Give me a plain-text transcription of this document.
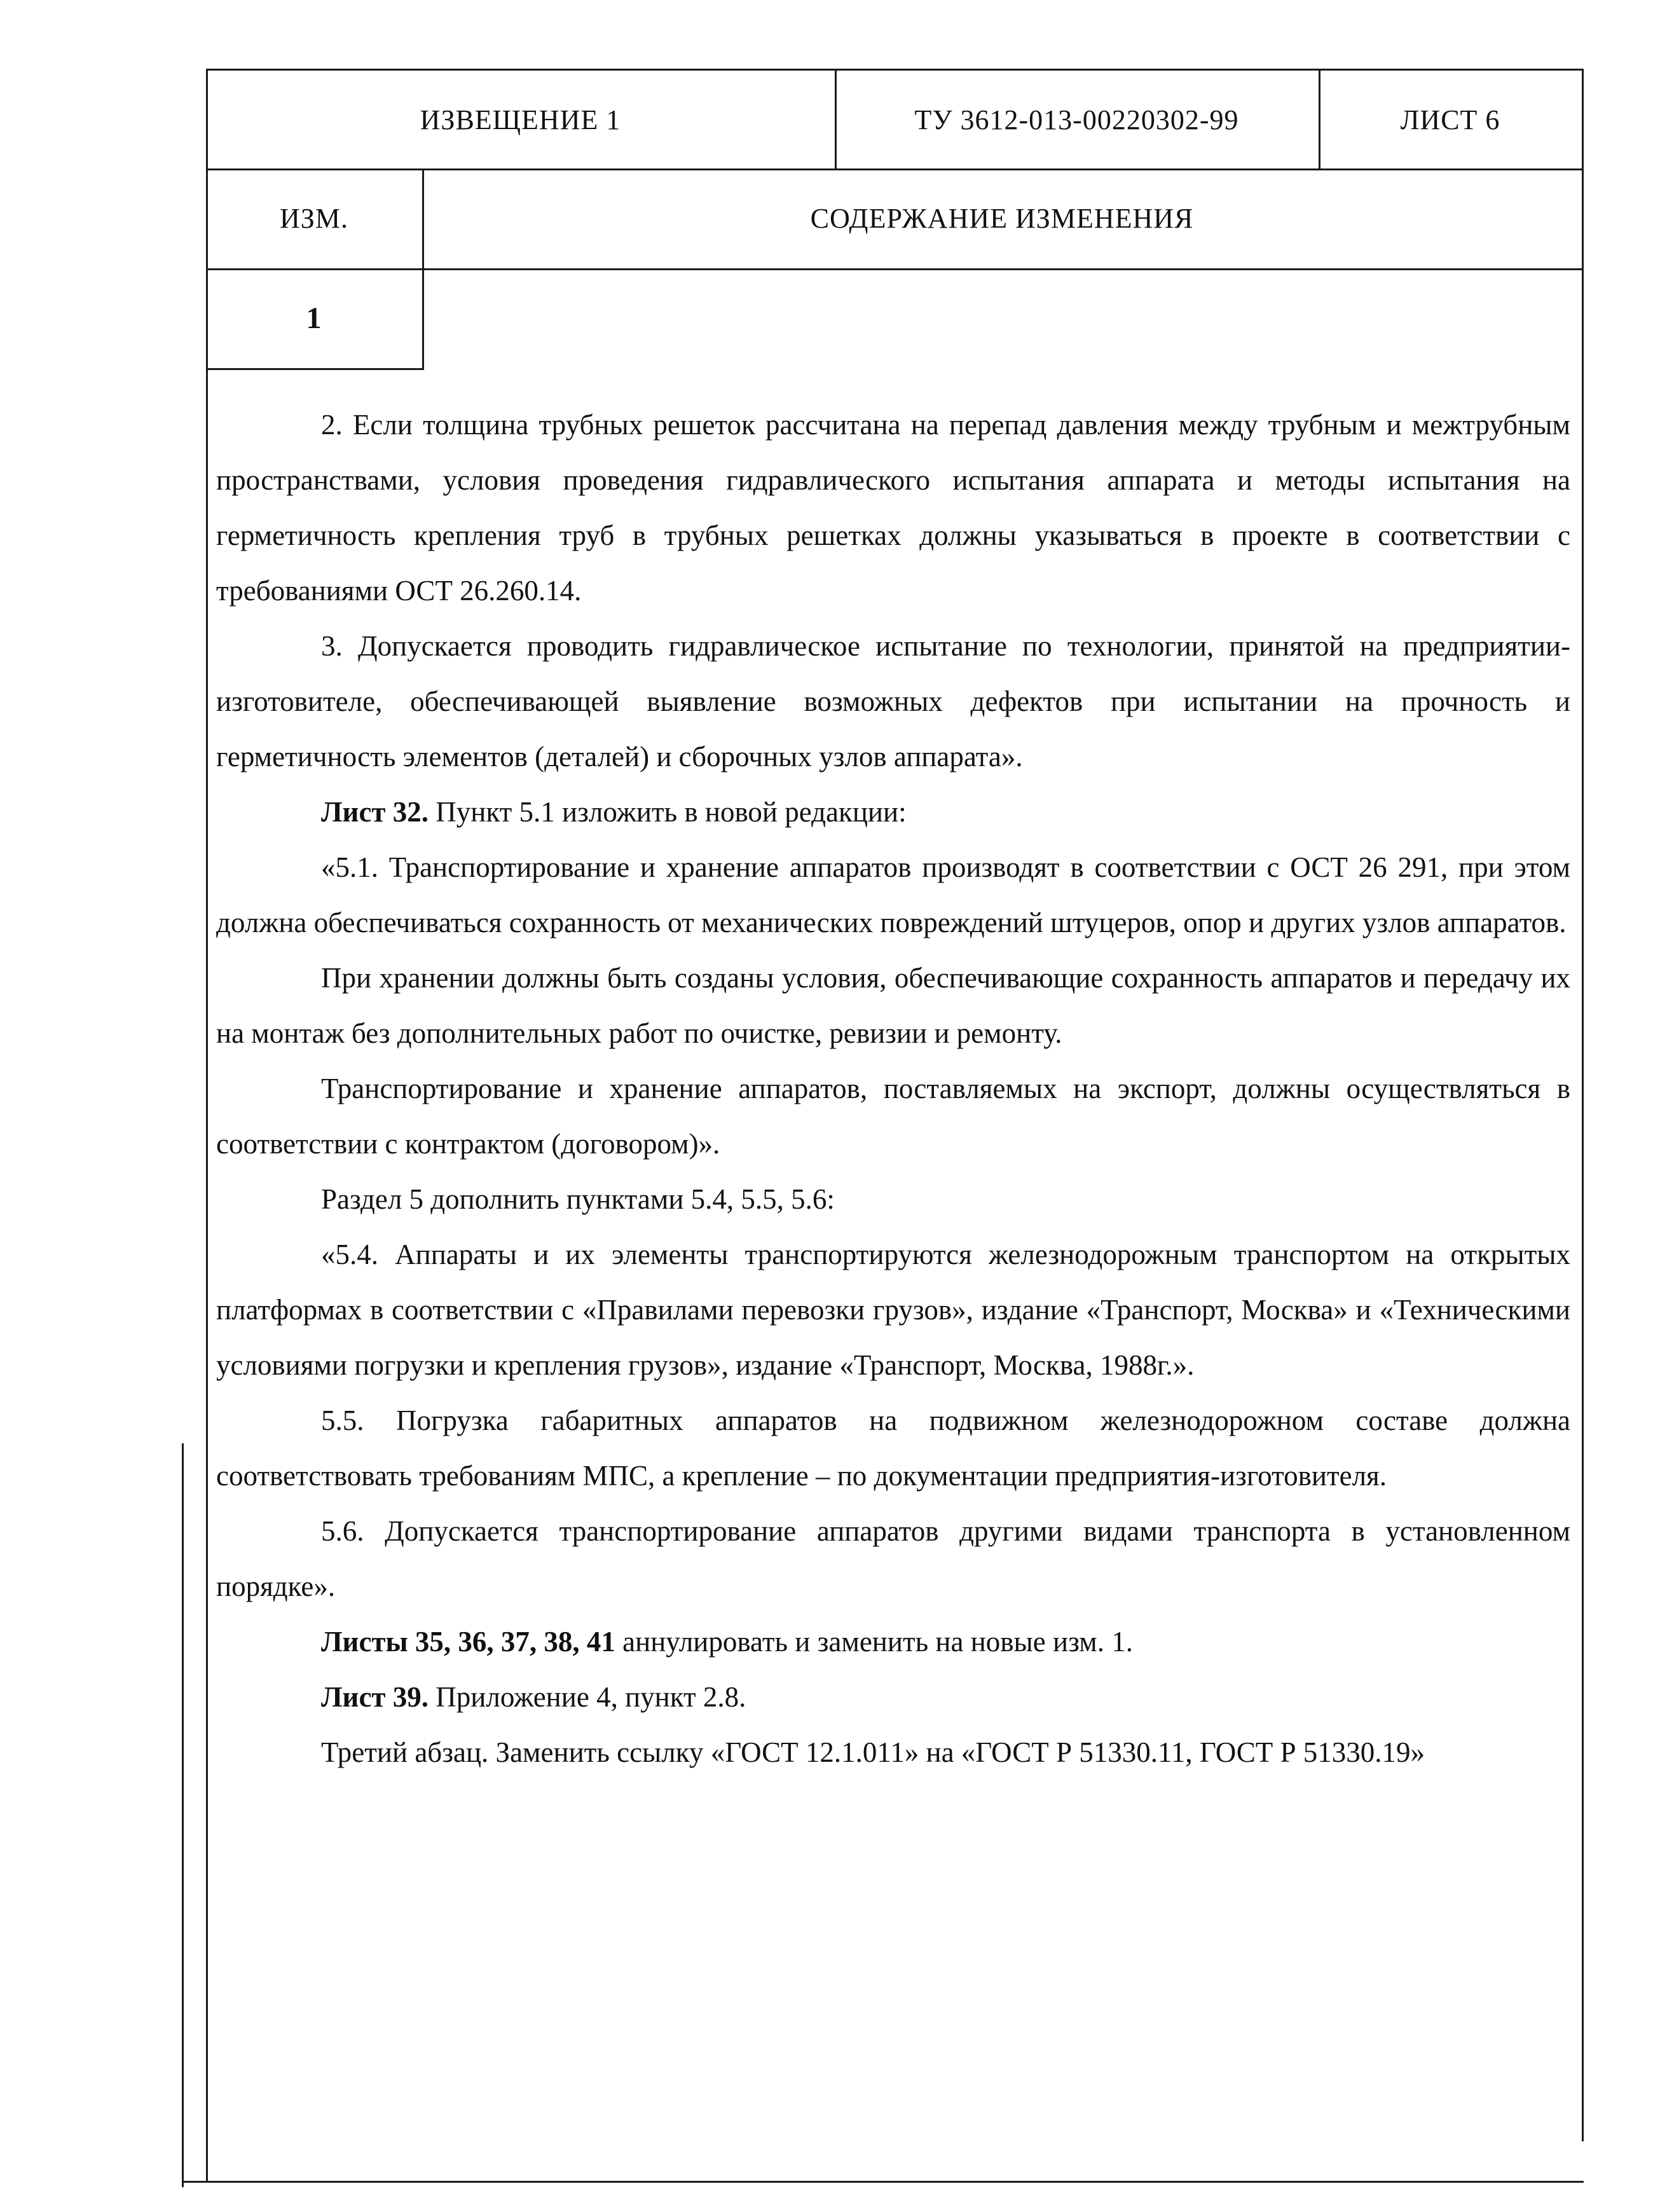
ИЗВЕЩЕНИЕ 1	ТУ 3612-013-00220302-99	ЛИСТ 6
ИЗМ.	СОДЕРЖАНИЕ ИЗМЕНЕНИЯ
1

2. Если толщина трубных решеток рассчитана на перепад давления между трубным и межтрубным пространствами, условия проведения гидравлического испытания аппарата и методы испытания на герметичность крепления труб в трубных решетках должны указываться в проекте в соответствии с требованиями ОСТ 26.260.14.

3. Допускается проводить гидравлическое испытание по технологии, принятой на предприятии-изготовителе, обеспечивающей выявление возможных дефектов при испытании на прочность и герметичность элементов (деталей) и сборочных узлов аппарата».

Лист 32. Пункт 5.1 изложить в новой редакции:

«5.1. Транспортирование и хранение аппаратов производят в соответствии с ОСТ 26 291, при этом должна обеспечиваться сохранность от механических повреждений штуцеров, опор и других узлов аппаратов.

При хранении должны быть созданы условия, обеспечивающие сохранность аппаратов и передачу их на монтаж без дополнительных работ по очистке, ревизии и ремонту.

Транспортирование и хранение аппаратов, поставляемых на экспорт, должны осуществляться в соответствии с контрактом (договором)».

Раздел 5 дополнить пунктами 5.4, 5.5, 5.6:

«5.4. Аппараты и их элементы транспортируются железнодорожным транспортом на открытых платформах в соответствии с «Правилами перевозки грузов», издание «Транспорт, Москва» и «Техническими условиями погрузки и крепления грузов», издание «Транспорт, Москва, 1988г.».

5.5. Погрузка габаритных аппаратов на подвижном железнодорожном составе должна соответствовать требованиям МПС, а крепление – по документации предприятия-изготовителя.

5.6. Допускается транспортирование аппаратов другими видами транспорта в установленном порядке».

Листы 35, 36, 37, 38, 41 аннулировать и заменить на новые изм. 1.

Лист 39. Приложение 4, пункт 2.8.

Третий абзац. Заменить ссылку «ГОСТ 12.1.011» на «ГОСТ Р 51330.11, ГОСТ Р 51330.19»
